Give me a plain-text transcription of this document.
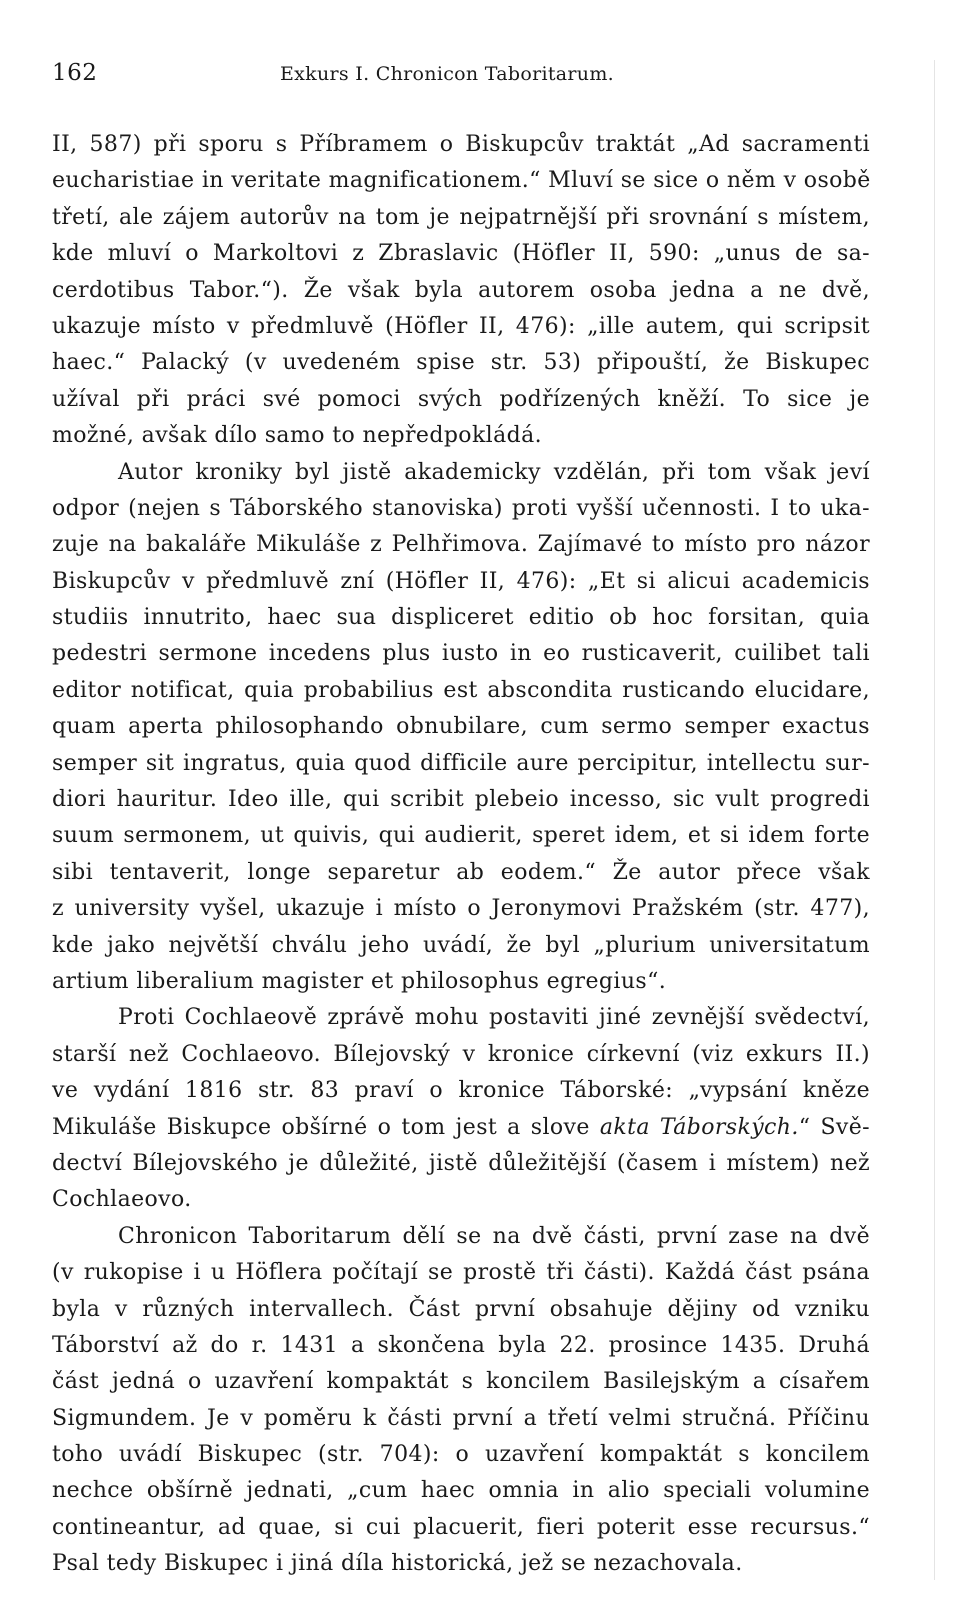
162	Exkurs I. Chronicon Taboritarum.
II, 587) při sporu s Příbramem o Biskupcův traktát „Ad sacramenti
eucharistiae in veritate magnificationem.“ Mluví se sice o něm v osobě
třetí, ale zájem autorův na tom je nejpatrnější při srovnání s místem,
kde mluví o Markoltovi z Zbraslavic (Höfler II, 590: „unus de sa-
cerdotibus Tabor.“). Že však byla autorem osoba jedna a ne dvě,
ukazuje místo v předmluvě (Höfler II, 476): „ille autem, qui scripsit
haec.“ Palacký (v uvedeném spise str. 53) připouští, že Biskupec
užíval při práci své pomoci svých podřízených kněží. To sice je
možné, avšak dílo samo to nepředpokládá.
Autor kroniky byl jistě akademicky vzdělán, při tom však jeví
odpor (nejen s Táborského stanoviska) proti vyšší učennosti. I to uka-
zuje na bakaláře Mikuláše z Pelhřimova. Zajímavé to místo pro názor
Biskupcův v předmluvě zní (Höfler II, 476): „Et si alicui academicis
studiis innutrito, haec sua displiceret editio ob hoc forsitan, quia
pedestri sermone incedens plus iusto in eo rusticaverit, cuilibet tali
editor notificat, quia probabilius est abscondita rusticando elucidare,
quam aperta philosophando obnubilare, cum sermo semper exactus
semper sit ingratus, quia quod difficile aure percipitur, intellectu sur-
diori hauritur. Ideo ille, qui scribit plebeio incesso, sic vult progredi
suum sermonem, ut quivis, qui audierit, speret idem, et si idem forte
sibi tentaverit, longe separetur ab eodem.“ Že autor přece však
z university vyšel, ukazuje i místo o Jeronymovi Pražském (str. 477),
kde jako největší chválu jeho uvádí, že byl „plurium universitatum
artium liberalium magister et philosophus egregius“.
Proti Cochlaeově zprávě mohu postaviti jiné zevnější svědectví,
starší než Cochlaeovo. Bílejovský v kronice církevní (viz exkurs II.)
ve vydání 1816 str. 83 praví o kronice Táborské: „vypsání kněze
Mikuláše Biskupce obšírné o tom jest a slove akta Táborských.“ Svě-
dectví Bílejovského je důležité, jistě důležitější (časem i místem) než
Cochlaeovo.
Chronicon Taboritarum dělí se na dvě části, první zase na dvě
(v rukopise i u Höflera počítají se prostě tři části). Každá část psána
byla v různých intervallech. Část první obsahuje dějiny od vzniku
Táborství až do r. 1431 a skončena byla 22. prosince 1435. Druhá
část jedná o uzavření kompaktát s koncilem Basilejským a císařem
Sigmundem. Je v poměru k části první a třetí velmi stručná. Příčinu
toho uvádí Biskupec (str. 704): o uzavření kompaktát s koncilem
nechce obšírně jednati, „cum haec omnia in alio speciali volumine
contineantur, ad quae, si cui placuerit, fieri poterit esse recursus.“
Psal tedy Biskupec i jiná díla historická, jež se nezachovala.
